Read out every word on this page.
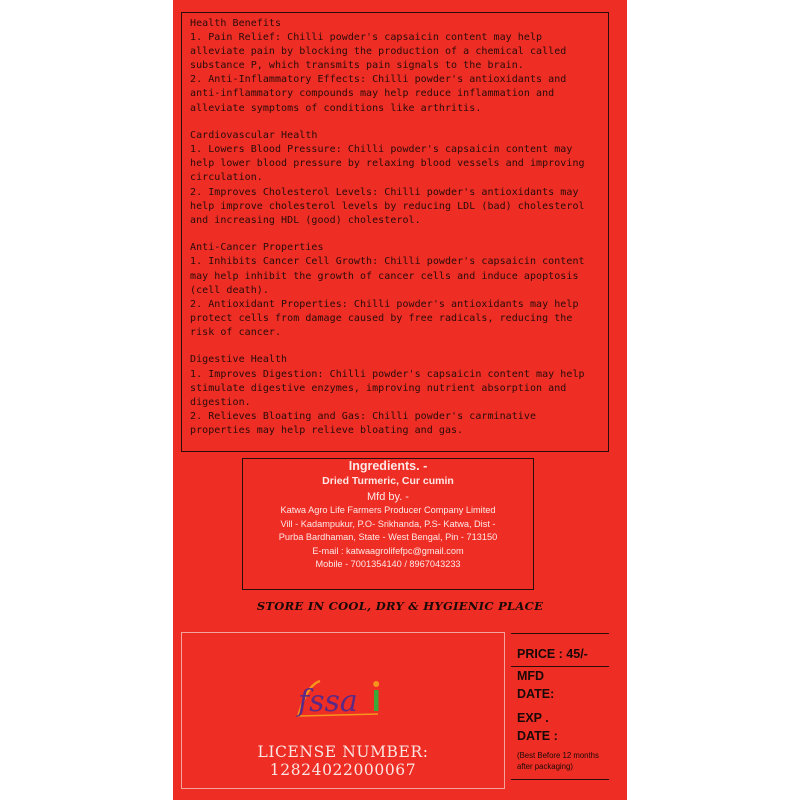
Health Benefits

1. Pain Relief: Chilli powder's capsaicin content may help alleviate pain by blocking the production of a chemical called substance P, which transmits pain signals to the brain.

2. Anti-Inflammatory Effects: Chilli powder's antioxidants and anti-inflammatory compounds may help reduce inflammation and alleviate symptoms of conditions like arthritis.

Cardiovascular Health

1. Lowers Blood Pressure: Chilli powder's capsaicin content may help lower blood pressure by relaxing blood vessels and improving circulation.

2. Improves Cholesterol Levels: Chilli powder's antioxidants may help improve cholesterol levels by reducing LDL (bad) cholesterol and increasing HDL (good) cholesterol.

Anti-Cancer Properties

1. Inhibits Cancer Cell Growth: Chilli powder's capsaicin content may help inhibit the growth of cancer cells and induce apoptosis (cell death).

2. Antioxidant Properties: Chilli powder's antioxidants may help protect cells from damage caused by free radicals, reducing the risk of cancer.

Digestive Health

1. Improves Digestion: Chilli powder's capsaicin content may help stimulate digestive enzymes, improving nutrient absorption and digestion.

2. Relieves Bloating and Gas: Chilli powder's carminative properties may help relieve bloating and gas.

Ingredients. -
Dried Turmeric, Cur cumin
Mfd by. -
Katwa Agro Life Farmers Producer Company Limited
Vill - Kadampukur, P.O- Srikhanda, P.S- Katwa, Dist -
Purba Bardhaman, State - West Bengal, Pin - 713150
E-mail : katwaagrolifefpc@gmail.com
Mobile - 7001354140 / 8967043233
STORE IN COOL, DRY & HYGIENIC PLACE
fssa
LICENSE NUMBER: 12824022000067
PRICE : 45/-
MFD
DATE:
EXP .
DATE :
(Best Before 12 months after packaging)
